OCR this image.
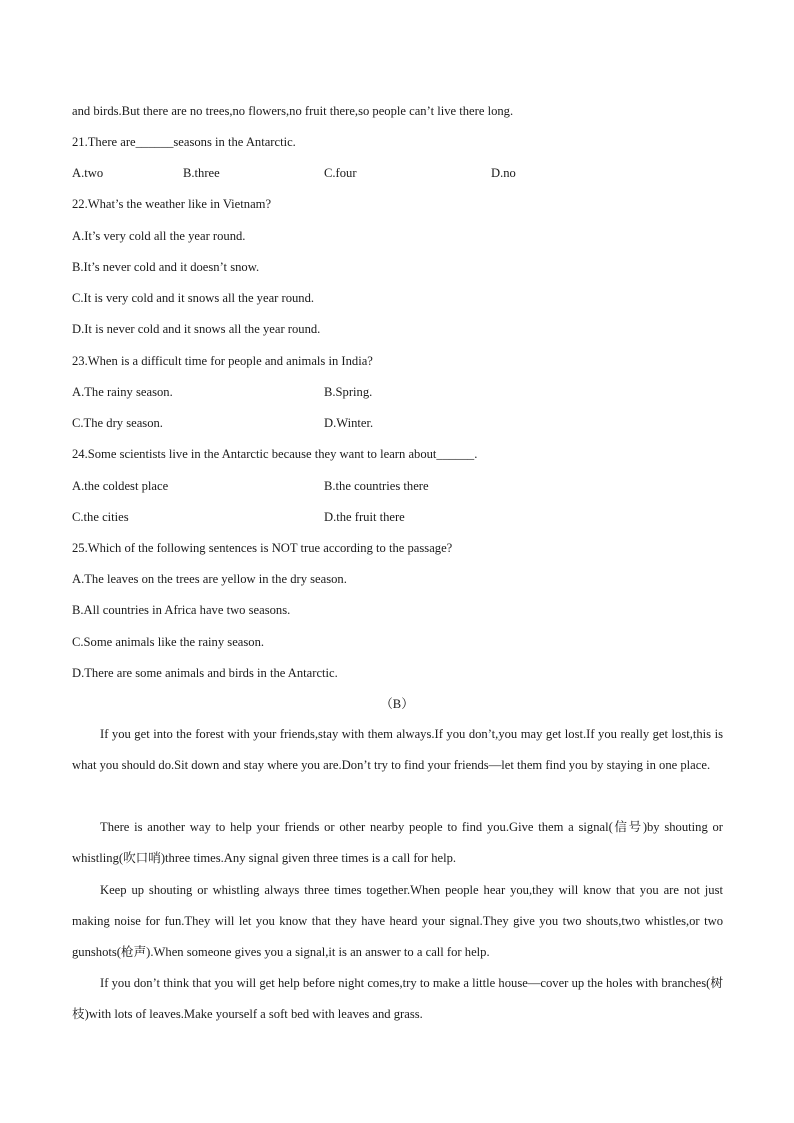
and birds.But there are no trees,no flowers,no fruit there,so people can’t live there long.
21.There are______seasons in the Antarctic.
A.two	B.three	C.four	D.no
22.What’s the weather like in Vietnam?
A.It’s very cold all the year round.
B.It’s never cold and it doesn’t snow.
C.It is very cold and it snows all the year round.
D.It is never cold and it snows all the year round.
23.When is a difficult time for people and animals in India?
A.The rainy season.	B.Spring.
C.The dry season.	D.Winter.
24.Some scientists live in the Antarctic because they want to learn about______.
A.the coldest place	B.the countries there
C.the cities	D.the fruit there
25.Which of the following sentences is NOT true according to the passage?
A.The leaves on the trees are yellow in the dry season.
B.All countries in Africa have two seasons.
C.Some animals like the rainy season.
D.There are some animals and birds in the Antarctic.
（B）

If you get into the forest with your friends,stay with them always.If you don’t,you may get lost.If you really get lost,this is what you should do.Sit down and stay where you are.Don’t try to find your friends—let them find you by staying in one place.

There is another way to help your friends or other nearby people to find you.Give them a signal(信号)by shouting or whistling(吹口哨)three times.Any signal given three times is a call for help.

Keep up shouting or whistling always three times together.When people hear you,they will know that you are not just making noise for fun.They will let you know that they have heard your signal.They give you two shouts,two whistles,or two gunshots(枪声).When someone gives you a signal,it is an answer to a call for help.

If you don’t think that you will get help before night comes,try to make a little house—cover up the holes with branches(树枝)with lots of leaves.Make yourself a soft bed with leaves and grass.
